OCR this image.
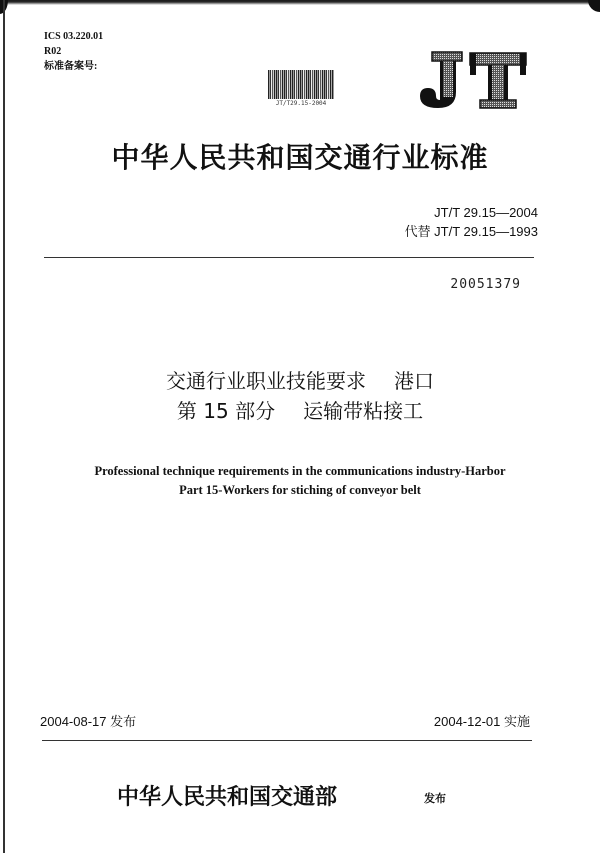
ICS 03.220.01
R02
标准备案号:
JT/T29.15-2004
中华人民共和国交通行业标准
JT/T 29.15—2004
代替 JT/T 29.15—1993
20051379
交通行业职业技能要求 港口
第 15 部分 运输带粘接工
Professional technique requirements in the communications industry-Harbor
Part 15-Workers for stiching of conveyor belt
2004-08-17 发布	2004-12-01 实施
中华人民共和国交通部	发布
